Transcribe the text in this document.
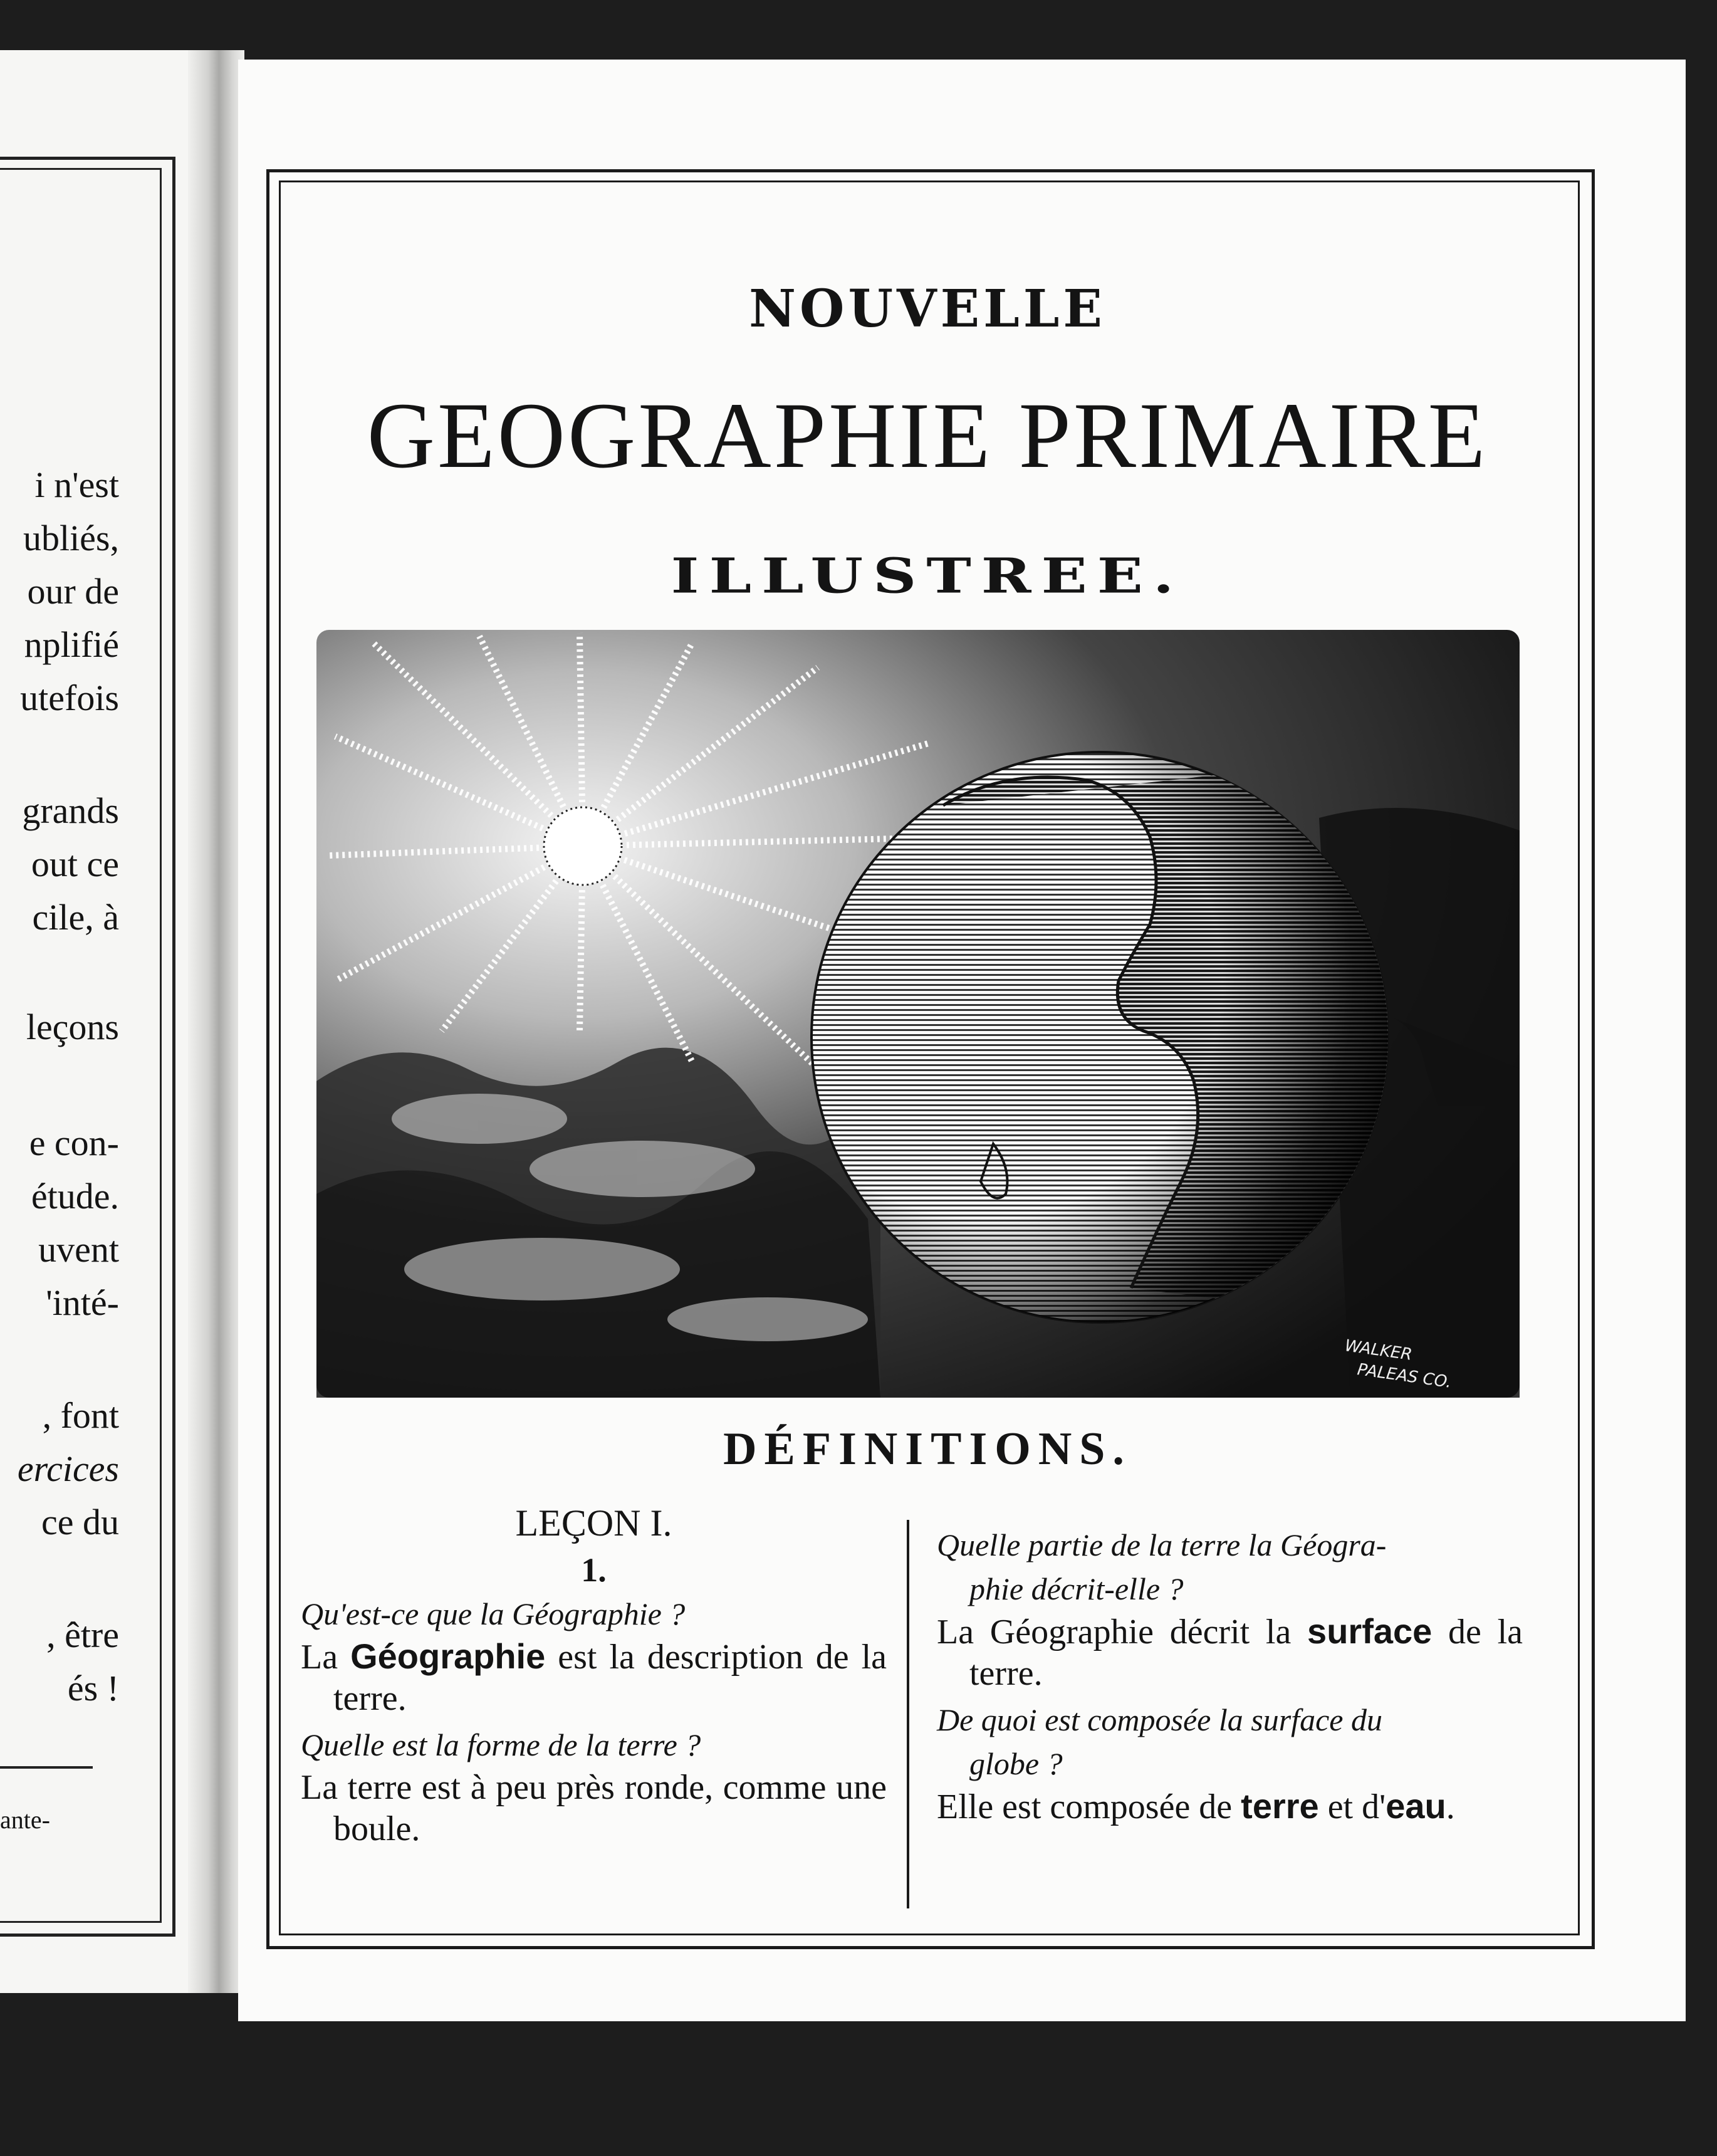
i n'est
ubliés,
our de
nplifié
utefois
grands
out ce
cile, à
leçons
e con-
étude.
uvent
'inté-
, font
ercices
ce du
, être
és !
ante-
NOUVELLE
GEOGRAPHIE PRIMAIRE
ILLUSTREE.
WALKER
PALEAS CO.
DÉFINITIONS.
LEÇON I.
1.
Qu'est-ce que la Géographie ?
La Géographie est la description de la terre.
Quelle est la forme de la terre ?
La terre est à peu près ronde, comme une boule.
Quelle partie de la terre la Géogra-
phie décrit-elle ?
La Géographie décrit la surface de la terre.
De quoi est composée la surface du
globe ?
Elle est composée de terre et d'eau.
